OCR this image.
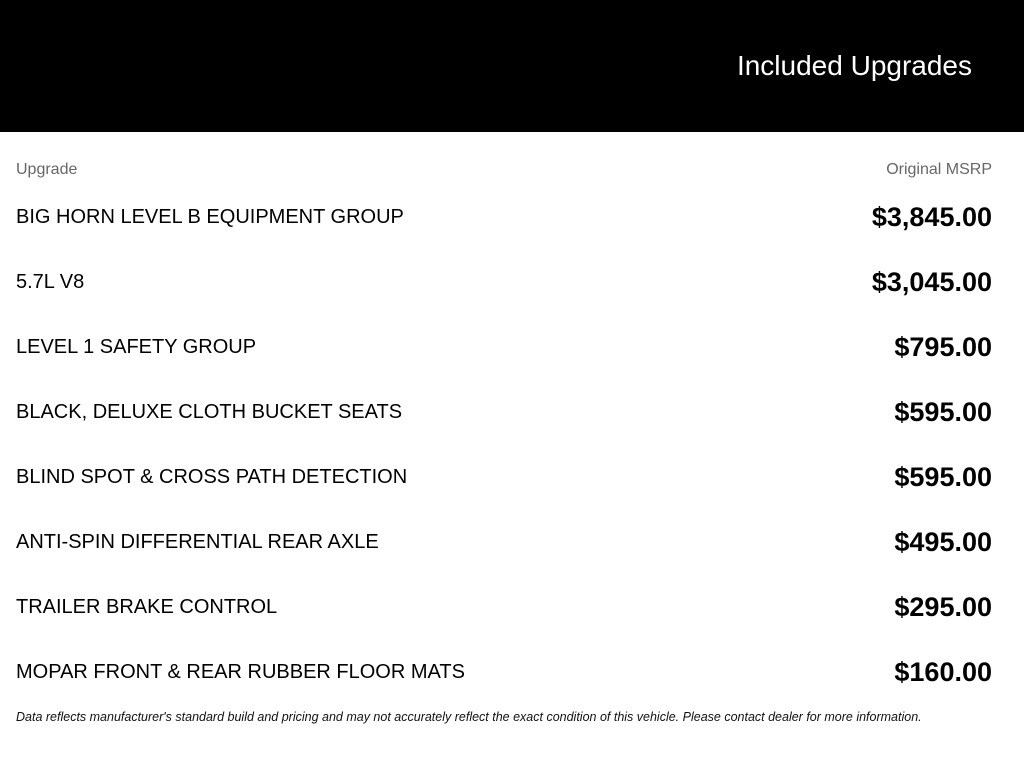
Included Upgrades
Upgrade	Original MSRP
BIG HORN LEVEL B EQUIPMENT GROUP	$3,845.00
5.7L V8	$3,045.00
LEVEL 1 SAFETY GROUP	$795.00
BLACK, DELUXE CLOTH BUCKET SEATS	$595.00
BLIND SPOT & CROSS PATH DETECTION	$595.00
ANTI-SPIN DIFFERENTIAL REAR AXLE	$495.00
TRAILER BRAKE CONTROL	$295.00
MOPAR FRONT & REAR RUBBER FLOOR MATS	$160.00
Data reflects manufacturer's standard build and pricing and may not accurately reflect the exact condition of this vehicle. Please contact dealer for more information.
